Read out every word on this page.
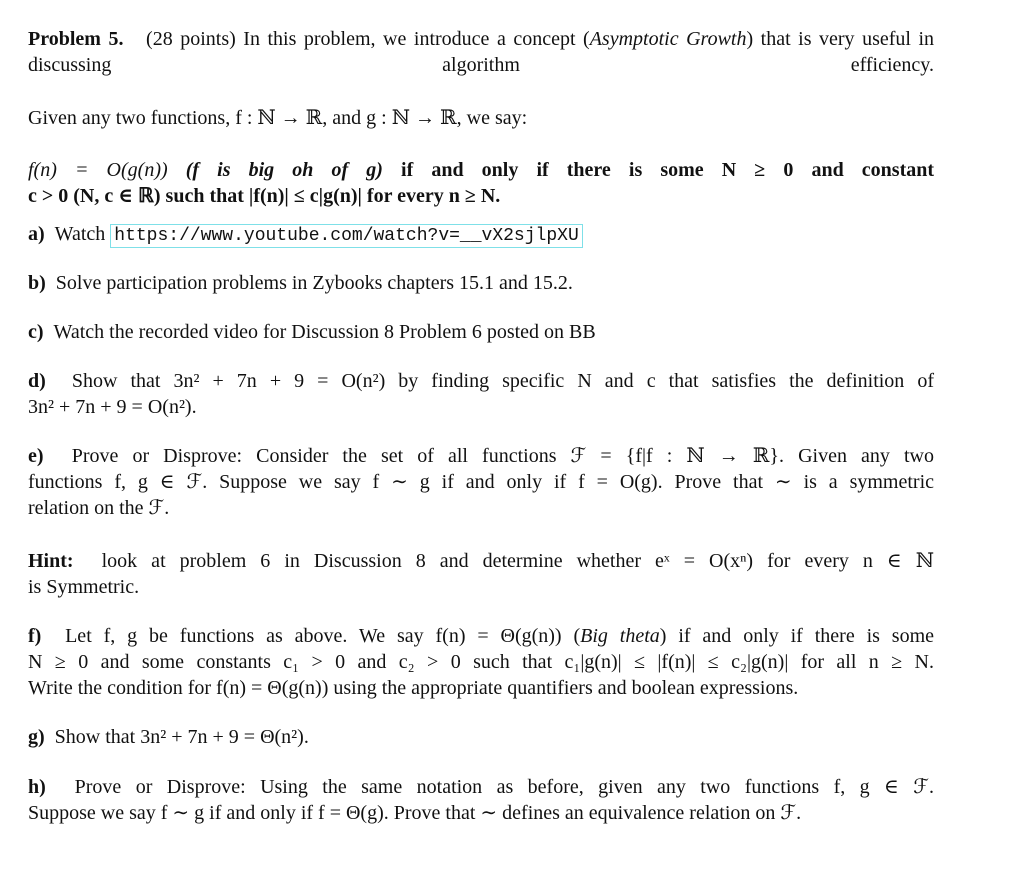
Problem 5. (28 points) In this problem, we introduce a concept (Asymptotic Growth) that is very useful in discussing algorithm efficiency.
Given any two functions, f : ℕ → ℝ, and g : ℕ → ℝ, we say:
f(n) = O(g(n)) (f is big oh of g) if and only if there is some N ≥ 0 and constant
c > 0 (N, c ∈ ℝ) such that |f(n)| ≤ c|g(n)| for every n ≥ N.
a) Watch https://www.youtube.com/watch?v=__vX2sjlpXU
b) Solve participation problems in Zybooks chapters 15.1 and 15.2.
c) Watch the recorded video for Discussion 8 Problem 6 posted on BB
d) Show that 3n² + 7n + 9 = O(n²) by finding specific N and c that satisfies the definition of
3n² + 7n + 9 = O(n²).
e) Prove or Disprove: Consider the set of all functions ℱ = {f|f : ℕ → ℝ}. Given any two
functions f, g ∈ ℱ. Suppose we say f ∼ g if and only if f = O(g). Prove that ∼ is a symmetric
relation on the ℱ.
Hint: look at problem 6 in Discussion 8 and determine whether eˣ = O(xⁿ) for every n ∈ ℕ
is Symmetric.
f) Let f, g be functions as above. We say f(n) = Θ(g(n)) (Big theta) if and only if there is some
N ≥ 0 and some constants c₁ > 0 and c₂ > 0 such that c₁|g(n)| ≤ |f(n)| ≤ c₂|g(n)| for all n ≥ N.
Write the condition for f(n) = Θ(g(n)) using the appropriate quantifiers and boolean expressions.
g) Show that 3n² + 7n + 9 = Θ(n²).
h) Prove or Disprove: Using the same notation as before, given any two functions f, g ∈ ℱ.
Suppose we say f ∼ g if and only if f = Θ(g). Prove that ∼ defines an equivalence relation on ℱ.
